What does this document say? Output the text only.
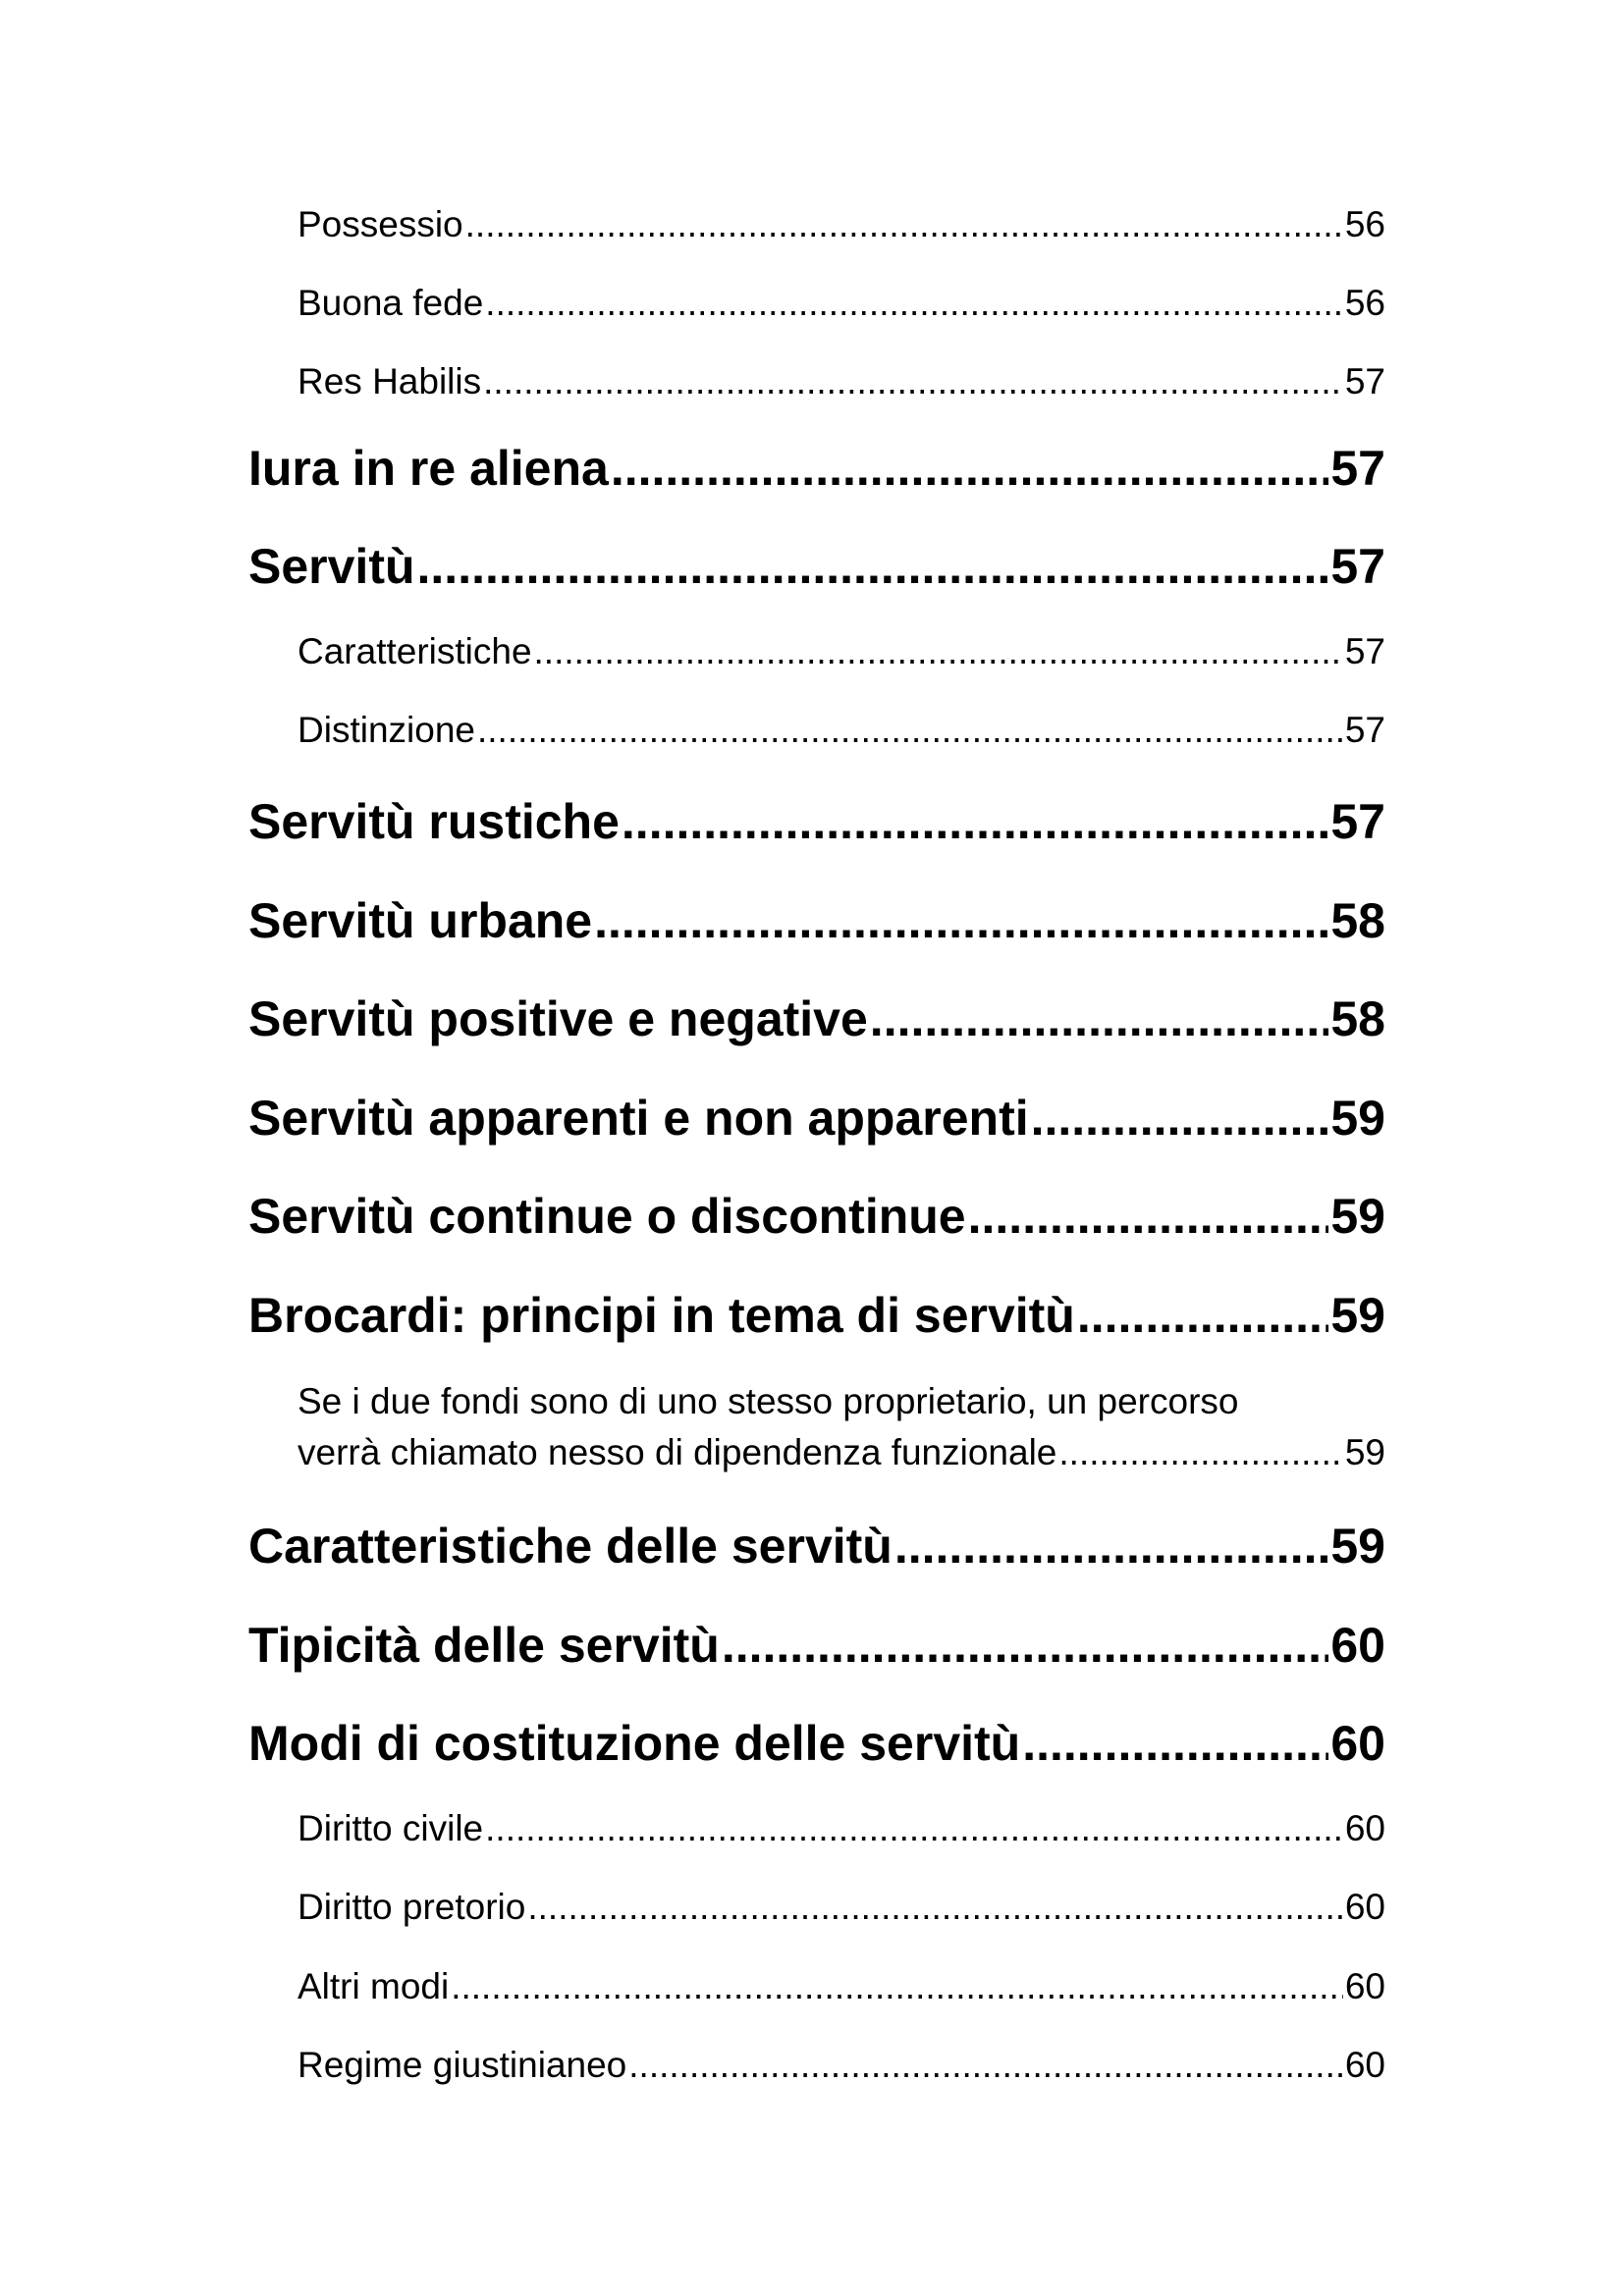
Possessio .....	56
Buona fede .....	56
Res Habilis .....	57
Iura in re aliena .....	57
Servitù .....	57
Caratteristiche .....	57
Distinzione .....	57
Servitù rustiche .....	57
Servitù urbane .....	58
Servitù positive e negative .....	58
Servitù apparenti e non apparenti .....	59
Servitù continue o discontinue .....	59
Brocardi: principi in tema di servitù .....	59
Se i due fondi sono di uno stesso proprietario, un percorso
verrà chiamato nesso di dipendenza funzionale .....	59
Caratteristiche delle servitù .....	59
Tipicità delle servitù .....	60
Modi di costituzione delle servitù .....	60
Diritto civile .....	60
Diritto pretorio .....	60
Altri modi .....	60
Regime giustinianeo .....	60
